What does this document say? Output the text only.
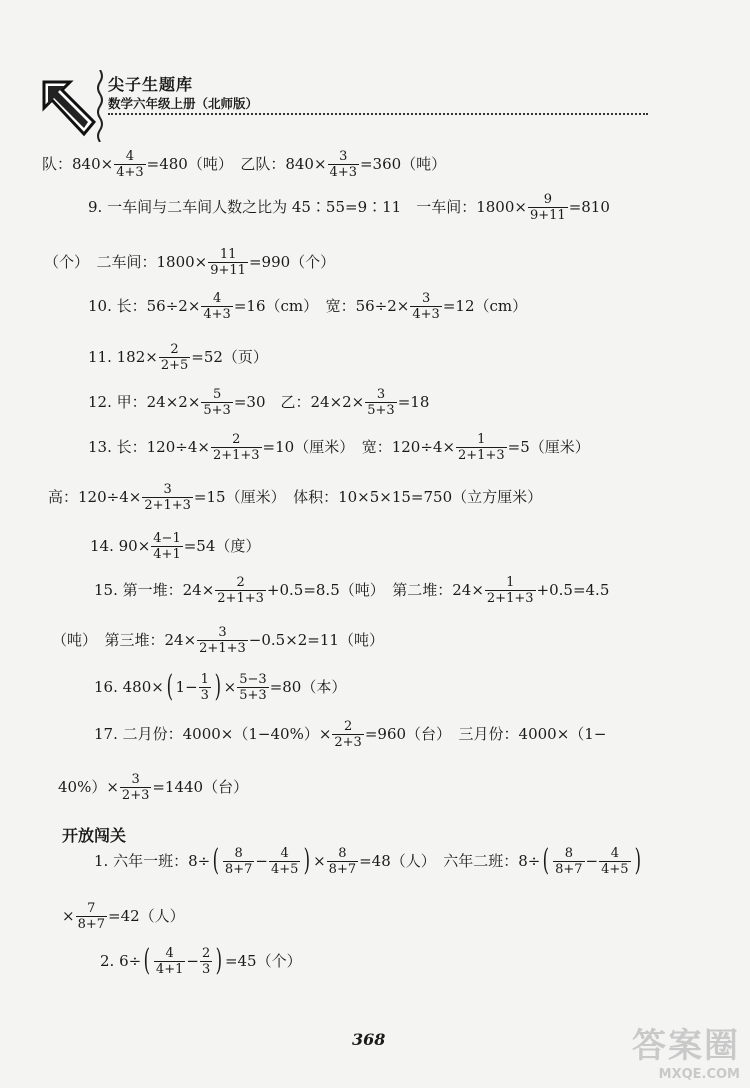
尖子生题库
数学六年级上册（北师版）
队：$840\times \frac{4}{4+3} =480$（吨）　乙队：$840\times \frac{3}{4+3} =360$（吨）
9. 一车间与二车间人数之比为 45∶55=9∶11　一车间：$1800\times \frac{9}{9+11} =810$
（个）　二车间：$1800\times \frac{11}{9+11} =990$（个）
10. 长：$56\div 2\times \frac{4}{4+3} =16(cm)$　宽：$56\div 2\times \frac{3}{4+3} =12(cm)$
11. $182\times \frac{2}{2+5} =52$（页）
12. 甲：$24\times 2\times \frac{5}{5+3} =30$　乙：$24\times 2\times \frac{3}{5+3} =18$
13. 长：$120\div 4\times \frac{2}{2+1+3} =10$（厘米）　宽：$120\div 4\times \frac{1}{2+1+3} =5$（厘米）
高：$120\div 4\times \frac{3}{2+1+3} =15$（厘米）　体积：10×5×15=750（立方厘米）
14. $90\times \frac{4-1}{4+1} =54$（度）
15. 第一堆：$24\times \frac{2}{2+1+3} +0.5=8.5$（吨）　第二堆：$24\times \frac{1}{2+1+3} +0.5=4.5$
（吨）　第三堆：$24\times \frac{3}{2+1+3} -0.5\times 2=11$（吨）
16. 480× ( $1- \frac{1}{3}$ ) × $\frac{5-3}{5+3} =80$（本）
17. 二月份：$4000\times(1-40\%)\times \frac{2}{2+3} =960$（台）　三月份：4000×（1−
$40\%)\times \frac{3}{2+3} =1440$（台）
开放闯关
1. 六年一班：8÷ ( $\frac{8}{8+7} - \frac{4}{4+5}$ ) × $\frac{8}{8+7} =48$（人）　六年二班：8÷ ( $\frac{8}{8+7} - \frac{4}{4+5}$ )
× $\frac{7}{8+7} =42$（人）
2. 6÷ ( $\frac{4}{4+1} - \frac{2}{3}$ ) =45（个）
368	答案圈
MXQE.COM
